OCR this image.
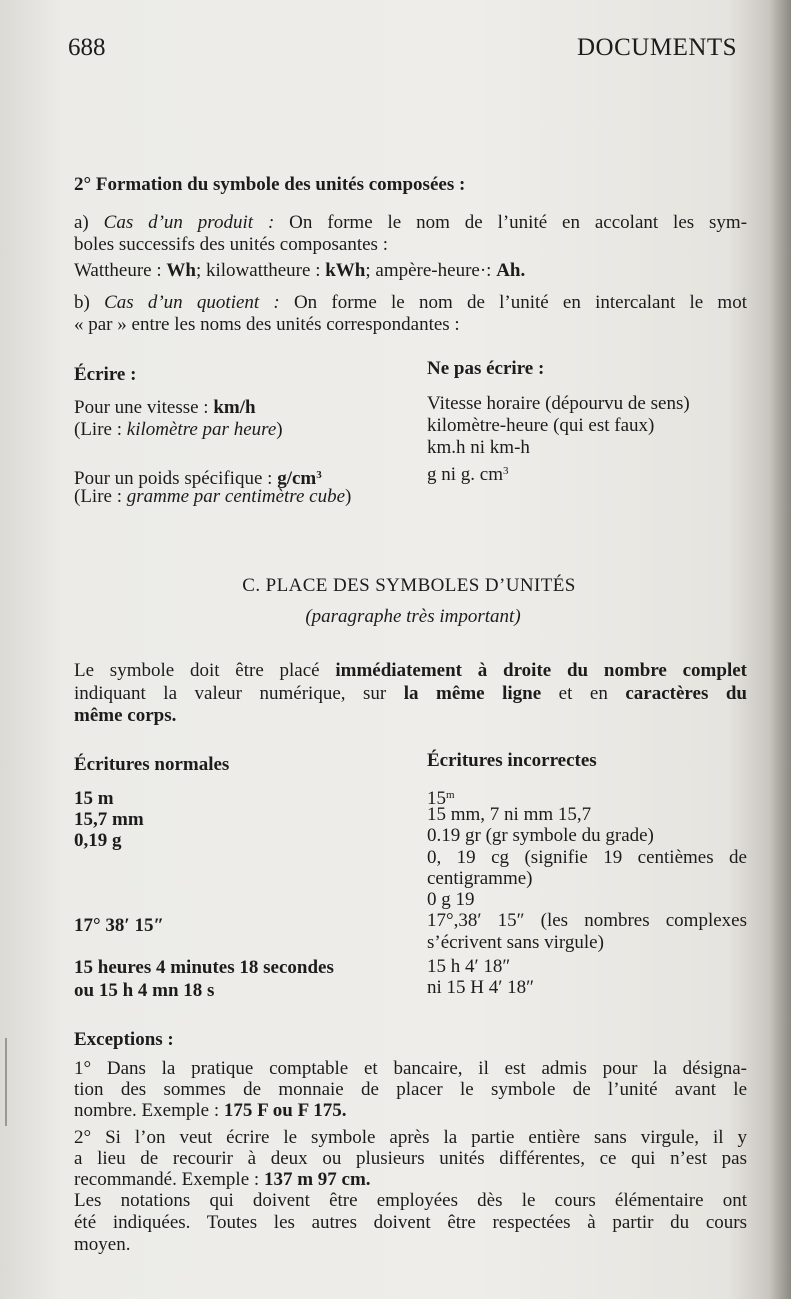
688	DOCUMENTS
2° Formation du symbole des unités composées :
a) Cas d’un produit : On forme le nom de l’unité en accolant les sym-
boles successifs des unités composantes :
Wattheure : Wh; kilowattheure : kWh; ampère-heure·: Ah.
b) Cas d’un quotient : On forme le nom de l’unité en intercalant le mot
« par » entre les noms des unités correspondantes :
Écrire :
Pour une vitesse : km/h
(Lire : kilomètre par heure)
Pour un poids spécifique : $g/cm^3$
(Lire : gramme par centimètre cube)
Ne pas écrire :
Vitesse horaire (dépourvu de sens)
kilomètre-heure (qui est faux)
km.h ni km-h
g ni g. $cm^3$
C. PLACE DES SYMBOLES D’UNITÉS
(paragraphe très important)
Le symbole doit être placé immédiatement à droite du nombre complet
indiquant la valeur numérique, sur la même ligne et en caractères du
même corps.
Écritures normales
15 m
15,7 mm
0,19 g
17° 38′ 15″
15 heures 4 minutes 18 secondes
ou 15 h 4 mn 18 s
Écritures incorrectes
15$^m$
15 mm, 7 ni mm 15,7
0.19 gr (gr symbole du grade)
0, 19 cg (signifie 19 centièmes de
centigramme)
0 g 19
17°,38′ 15″ (les nombres complexes
s’écrivent sans virgule)
15 h 4′ 18″
ni 15 H 4′ 18″
Exceptions :
1° Dans la pratique comptable et bancaire, il est admis pour la désigna-
tion des sommes de monnaie de placer le symbole de l’unité avant le
nombre. Exemple : 175 F ou F 175.
2° Si l’on veut écrire le symbole après la partie entière sans virgule, il y
a lieu de recourir à deux ou plusieurs unités différentes, ce qui n’est pas
recommandé. Exemple : 137 m 97 cm.
Les notations qui doivent être employées dès le cours élémentaire ont
été indiquées. Toutes les autres doivent être respectées à partir du cours
moyen.
